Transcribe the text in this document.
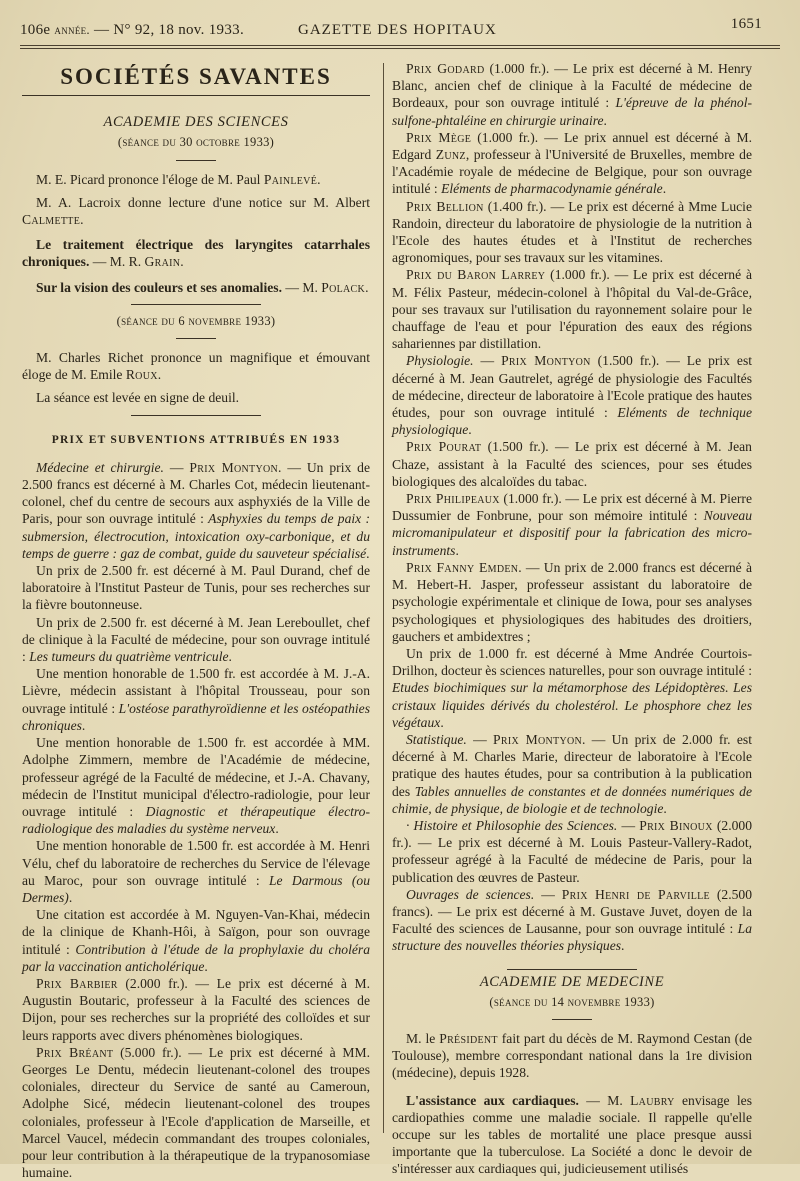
106e année. — N° 92, 18 nov. 1933.	GAZETTE DES HOPITAUX	1651
SOCIÉTÉS SAVANTES
ACADEMIE DES SCIENCES
(séance du 30 octobre 1933)

M. E. Picard prononce l'éloge de M. Paul Painlevé.

M. A. Lacroix donne lecture d'une notice sur M. Albert Calmette.

Le traitement électrique des laryngites catarrhales chroniques. — M. R. Grain.

Sur la vision des couleurs et ses anomalies. — M. Polack.

(séance du 6 novembre 1933)

M. Charles Richet prononce un magnifique et émouvant éloge de M. Emile Roux.

La séance est levée en signe de deuil.

PRIX ET SUBVENTIONS ATTRIBUÉS EN 1933

Médecine et chirurgie. — Prix Montyon. — Un prix de 2.500 francs est décerné à M. Charles Cot, médecin lieutenant-colonel, chef du centre de secours aux asphyxiés de la Ville de Paris, pour son ouvrage intitulé : Asphyxies du temps de paix : submersion, électrocution, intoxication oxy-carbonique, et du temps de guerre : gaz de combat, guide du sauveteur spécialisé.

Un prix de 2.500 fr. est décerné à M. Paul Durand, chef de laboratoire à l'Institut Pasteur de Tunis, pour ses recherches sur la fièvre boutonneuse.

Un prix de 2.500 fr. est décerné à M. Jean Lereboullet, chef de clinique à la Faculté de médecine, pour son ouvrage intitulé : Les tumeurs du quatrième ventricule.

Une mention honorable de 1.500 fr. est accordée à M. J.-A. Lièvre, médecin assistant à l'hôpital Trousseau, pour son ouvrage intitulé : L'ostéose parathyroïdienne et les ostéopathies chroniques.

Une mention honorable de 1.500 fr. est accordée à MM. Adolphe Zimmern, membre de l'Académie de médecine, professeur agrégé de la Faculté de médecine, et J.-A. Chavany, médecin de l'Institut municipal d'électro-radiologie, pour leur ouvrage intitulé : Diagnostic et thérapeutique électro-radiologique des maladies du système nerveux.

Une mention honorable de 1.500 fr. est accordée à M. Henri Vélu, chef du laboratoire de recherches du Service de l'élevage au Maroc, pour son ouvrage intitulé : Le Darmous (ou Dermes).

Une citation est accordée à M. Nguyen-Van-Khai, médecin de la clinique de Khanh-Hôi, à Saïgon, pour son ouvrage intitulé : Contribution à l'étude de la prophylaxie du choléra par la vaccination anticholérique.

Prix Barbier (2.000 fr.). — Le prix est décerné à M. Augustin Boutaric, professeur à la Faculté des sciences de Dijon, pour ses recherches sur la propriété des colloïdes et sur leurs rapports avec divers phénomènes biologiques.

Prix Bréant (5.000 fr.). — Le prix est décerné à MM. Georges Le Dentu, médecin lieutenant-colonel des troupes coloniales, directeur du Service de santé au Cameroun, Adolphe Sicé, médecin lieutenant-colonel des troupes coloniales, professeur à l'Ecole d'application de Marseille, et Marcel Vaucel, médecin commandant des troupes coloniales, pour leur contribution à la thérapeutique de la trypanosomiase humaine.

Prix Godard (1.000 fr.). — Le prix est décerné à M. Henry Blanc, ancien chef de clinique à la Faculté de médecine de Bordeaux, pour son ouvrage intitulé : L'épreuve de la phénol-sulfone-phtaléine en chirurgie urinaire.

Prix Mège (1.000 fr.). — Le prix annuel est décerné à M. Edgard Zunz, professeur à l'Université de Bruxelles, membre de l'Académie royale de médecine de Belgique, pour son ouvrage intitulé : Eléments de pharmacodynamie générale.

Prix Bellion (1.400 fr.). — Le prix est décerné à Mme Lucie Randoin, directeur du laboratoire de physiologie de la nutrition à l'Ecole des hautes études et à l'Institut de recherches agronomiques, pour ses travaux sur les vitamines.

Prix du Baron Larrey (1.000 fr.). — Le prix est décerné à M. Félix Pasteur, médecin-colonel à l'hôpital du Val-de-Grâce, pour ses travaux sur l'utilisation du rayonnement solaire pour le chauffage de l'eau et pour l'épuration des eaux des régions sahariennes par distillation.

Physiologie. — Prix Montyon (1.500 fr.). — Le prix est décerné à M. Jean Gautrelet, agrégé de physiologie des Facultés de médecine, directeur de laboratoire à l'Ecole pratique des hautes études, pour son ouvrage intitulé : Eléments de technique physiologique.

Prix Pourat (1.500 fr.). — Le prix est décerné à M. Jean Chaze, assistant à la Faculté des sciences, pour ses études biologiques des alcaloïdes du tabac.

Prix Philipeaux (1.000 fr.). — Le prix est décerné à M. Pierre Dussumier de Fonbrune, pour son mémoire intitulé : Nouveau micromanipulateur et dispositif pour la fabrication des micro-instruments.

Prix Fanny Emden. — Un prix de 2.000 francs est décerné à M. Hebert-H. Jasper, professeur assistant du laboratoire de psychologie expérimentale et clinique de Iowa, pour ses analyses psychologiques et physiologiques des habitudes des droitiers, gauchers et ambidextres ;

Un prix de 1.000 fr. est décerné à Mme Andrée Courtois-Drilhon, docteur ès sciences naturelles, pour son ouvrage intitulé : Etudes biochimiques sur la métamorphose des Lépidoptères. Les cristaux liquides dérivés du cholestérol. Le phosphore chez les végétaux.

Statistique. — Prix Montyon. — Un prix de 2.000 fr. est décerné à M. Charles Marie, directeur de laboratoire à l'Ecole pratique des hautes études, pour sa contribution à la publication des Tables annuelles de constantes et de données numériques de chimie, de physique, de biologie et de technologie.

· Histoire et Philosophie des Sciences. — Prix Binoux (2.000 fr.). — Le prix est décerné à M. Louis Pasteur-Vallery-Radot, professeur agrégé à la Faculté de médecine de Paris, pour la publication des œuvres de Pasteur.

Ouvrages de sciences. — Prix Henri de Parville (2.500 francs). — Le prix est décerné à M. Gustave Juvet, doyen de la Faculté des sciences de Lausanne, pour son ouvrage intitulé : La structure des nouvelles théories physiques.

ACADEMIE DE MEDECINE
(séance du 14 novembre 1933)

M. le Président fait part du décès de M. Raymond Cestan (de Toulouse), membre correspondant national dans la 1re division (médecine), depuis 1928.

L'assistance aux cardiaques. — M. Laubry envisage les cardiopathies comme une maladie sociale. Il rappelle qu'elle occupe sur les tables de mortalité une place presque aussi importante que la tuberculose. La Société a donc le devoir de s'intéresser aux cardiaques qui, judicieusement utilisés
